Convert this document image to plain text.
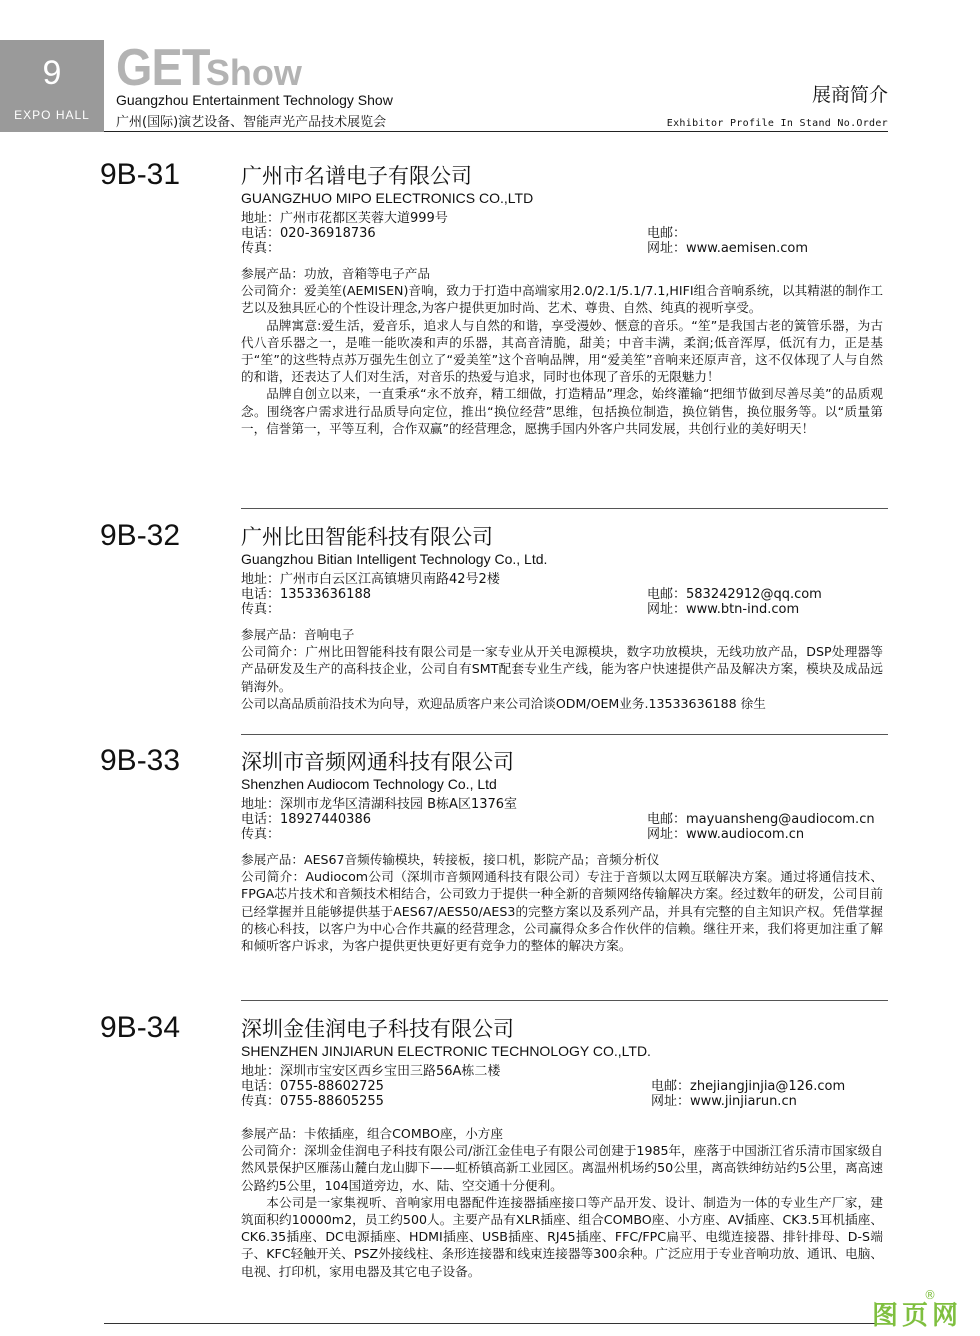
9
EXPO HALL
GETShow
Guangzhou Entertainment Technology Show
广州(国际)演艺设备、智能声光产品技术展览会
展商简介
Exhibitor Profile In Stand No.Order
9B-31	广州市名谱电子有限公司
GUANGZHUO MIPO ELECTRONICS CO.,LTD
地址：广州市花都区芙蓉大道999号
电话：020-36918736
传真：
电邮：
网址：www.aemisen.com

参展产品：功放，音箱等电子产品

公司简介：爱美笙(AEMISEN)音响，致力于打造中高端家用2.0/2.1/5.1/7.1,HIFI组合音响系统，以其精湛的制作工艺以及独具匠心的个性设计理念,为客户提供更加时尚、艺术、尊贵、自然、纯真的视听享受。

品牌寓意:爱生活，爱音乐，追求人与自然的和谐，享受漫妙、惬意的音乐。“笙”是我国古老的簧管乐器，为古代八音乐器之一，是唯一能吹凑和声的乐器，其高音清脆，甜美；中音丰满，柔润;低音浑厚，低沉有力，正是基于“笙”的这些特点苏万强先生创立了“爱美笙”这个音响品牌，用“爱美笙”音响来还原声音，这不仅体现了人与自然的和谐，还表达了人们对生活，对音乐的热爱与追求，同时也体现了音乐的无限魅力！

品牌自创立以来，一直秉承“永不放弃，精工细做，打造精品”理念，始终灌输“把细节做到尽善尽美”的品质观念。围绕客户需求进行品质导向定位，推出“换位经营”思维，包括换位制造，换位销售，换位服务等。以“质量第一，信誉第一，平等互利，合作双赢”的经营理念，愿携手国内外客户共同发展，共创行业的美好明天！

9B-32	广州比田智能科技有限公司
Guangzhou Bitian Intelligent Technology Co., Ltd.
地址：广州市白云区江高镇塘贝南路42号2楼
电话：13533636188
传真：
电邮：583242912@qq.com
网址：www.btn-ind.com

参展产品：音响电子

公司简介：广州比田智能科技有限公司是一家专业从开关电源模块，数字功放模块，无线功放产品，DSP处理器等产品研发及生产的高科技企业，公司自有SMT配套专业生产线，能为客户快速提供产品及解决方案，模块及成品远销海外。

公司以高品质前沿技术为向导，欢迎品质客户来公司洽谈ODM/OEM业务.13533636188 徐生

9B-33	深圳市音频网通科技有限公司
Shenzhen Audiocom Technology Co., Ltd
地址：深圳市龙华区清湖科技园 B栋A区1376室
电话：18927440386
传真：
电邮：mayuansheng@audiocom.cn
网址：www.audiocom.cn

参展产品：AES67音频传输模块，转接板，接口机，影院产品；音频分析仪

公司简介：Audiocom公司（深圳市音频网通科技有限公司）专注于音频以太网互联解决方案。通过将通信技术、FPGA芯片技术和音频技术相结合，公司致力于提供一种全新的音频网络传输解决方案。经过数年的研发，公司目前已经掌握并且能够提供基于AES67/AES50/AES3的完整方案以及系列产品，并具有完整的自主知识产权。凭借掌握的核心科技，以客户为中心合作共赢的经营理念，公司赢得众多合作伙伴的信赖。继往开来，我们将更加注重了解和倾听客户诉求，为客户提供更快更好更有竞争力的整体的解决方案。

9B-34	深圳金佳润电子科技有限公司
SHENZHEN JINJIARUN ELECTRONIC TECHNOLOGY CO.,LTD.
地址：深圳市宝安区西乡宝田三路56A栋二楼
电话：0755-88602725
传真：0755-88605255
电邮：zhejiangjinjia@126.com
网址：www.jinjiarun.cn

参展产品：卡侬插座，组合COMBO座，小方座

公司简介：深圳金佳润电子科技有限公司/浙江金佳电子有限公司创建于1985年，座落于中国浙江省乐清市国家级自然风景保护区雁荡山麓白龙山脚下——虹桥镇高新工业园区。离温州机场约50公里，离高铁绅纺站约5公里，离高速公路约5公里，104国道旁边，水、陆、空交通十分便利。

本公司是一家集视听、音响家用电器配件连接器插座接口等产品开发、设计、制造为一体的专业生产厂家，建筑面积约10000m2，员工约500人。主要产品有XLR插座、组合COMBO座、小方座、AV插座、CK3.5耳机插座、CK6.35插座、DC电源插座、HDMI插座、USB插座、RJ45插座、FFC/FPC扁平、电缆连接器、排针排母、D-S端子、KFC轻触开关、PSZ外接线柱、条形连接器和线束连接器等300余种。广泛应用于专业音响功放、通讯、电脑、电视、打印机，家用电器及其它电子设备。

®
图页网
